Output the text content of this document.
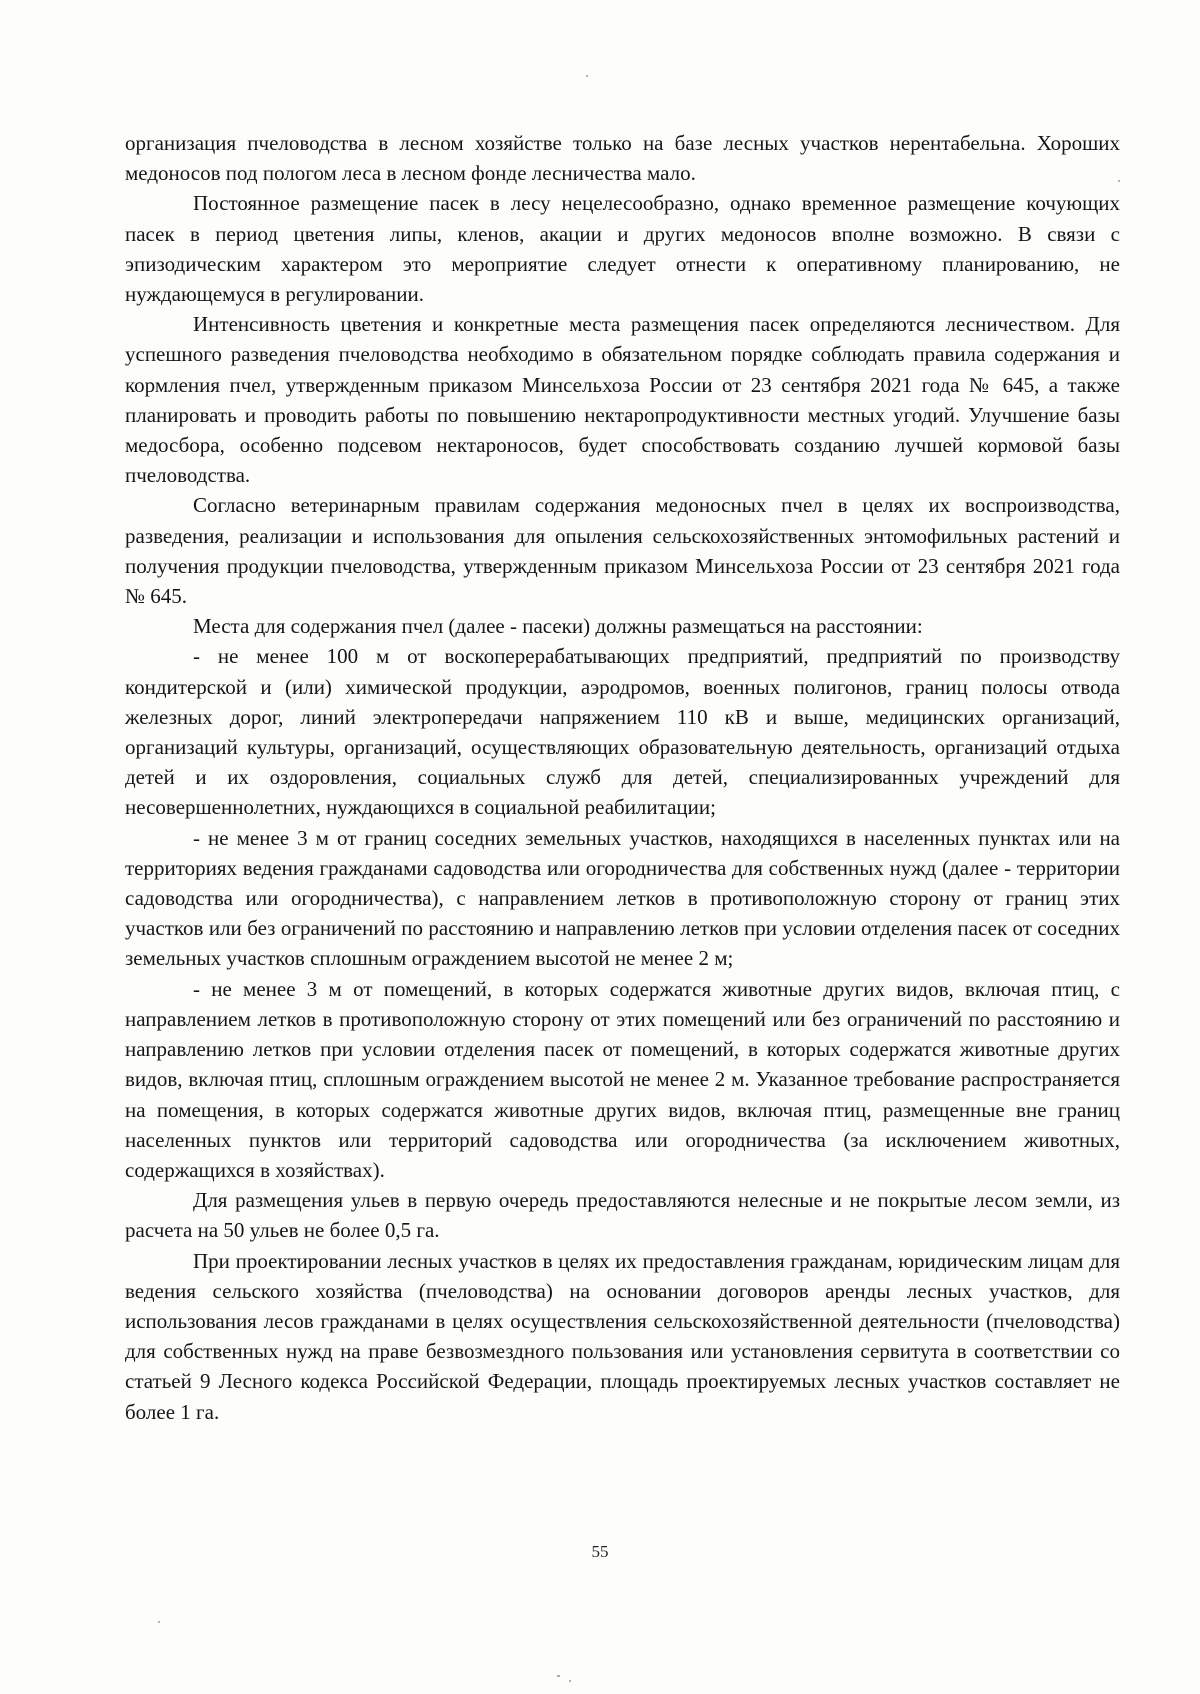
организация пчеловодства в лесном хозяйстве только на базе лесных участков нерентабельна. Хороших медоносов под пологом леса в лесном фонде лесничества мало.

Постоянное размещение пасек в лесу нецелесообразно, однако временное размещение кочующих пасек в период цветения липы, кленов, акации и других медоносов вполне возможно. В связи с эпизодическим характером это мероприятие следует отнести к оперативному планированию, не нуждающемуся в регулировании.

Интенсивность цветения и конкретные места размещения пасек определяются лесничеством. Для успешного разведения пчеловодства необходимо в обязательном порядке соблюдать правила содержания и кормления пчел, утвержденным приказом Минсельхоза России от 23 сентября 2021 года № 645, а также планировать и проводить работы по повышению нектаропродуктивности местных угодий. Улучшение базы медосбора, особенно подсевом нектароносов, будет способствовать созданию лучшей кормовой базы пчеловодства.

Согласно ветеринарным правилам содержания медоносных пчел в целях их воспроизводства, разведения, реализации и использования для опыления сельскохозяйственных энтомофильных растений и получения продукции пчеловодства, утвержденным приказом Минсельхоза России от 23 сентября 2021 года № 645.

Места для содержания пчел (далее - пасеки) должны размещаться на расстоянии:

- не менее 100 м от воскоперерабатывающих предприятий, предприятий по производству кондитерской и (или) химической продукции, аэродромов, военных полигонов, границ полосы отвода железных дорог, линий электропередачи напряжением 110 кВ и выше, медицинских организаций, организаций культуры, организаций, осуществляющих образовательную деятельность, организаций отдыха детей и их оздоровления, социальных служб для детей, специализированных учреждений для несовершеннолетних, нуждающихся в социальной реабилитации;

- не менее 3 м от границ соседних земельных участков, находящихся в населенных пунктах или на территориях ведения гражданами садоводства или огородничества для собственных нужд (далее - территории садоводства или огородничества), с направлением летков в противоположную сторону от границ этих участков или без ограничений по расстоянию и направлению летков при условии отделения пасек от соседних земельных участков сплошным ограждением высотой не менее 2 м;

- не менее 3 м от помещений, в которых содержатся животные других видов, включая птиц, с направлением летков в противоположную сторону от этих помещений или без ограничений по расстоянию и направлению летков при условии отделения пасек от помещений, в которых содержатся животные других видов, включая птиц, сплошным ограждением высотой не менее 2 м. Указанное требование распространяется на помещения, в которых содержатся животные других видов, включая птиц, размещенные вне границ населенных пунктов или территорий садоводства или огородничества (за исключением животных, содержащихся в хозяйствах).

Для размещения ульев в первую очередь предоставляются нелесные и не покрытые лесом земли, из расчета на 50 ульев не более 0,5 га.

При проектировании лесных участков в целях их предоставления гражданам, юридическим лицам для ведения сельского хозяйства (пчеловодства) на основании договоров аренды лесных участков, для использования лесов гражданами в целях осуществления сельскохозяйственной деятельности (пчеловодства) для собственных нужд на праве безвозмездного пользования или установления сервитута в соответствии со статьей 9 Лесного кодекса Российской Федерации, площадь проектируемых лесных участков составляет не более 1 га.

55
